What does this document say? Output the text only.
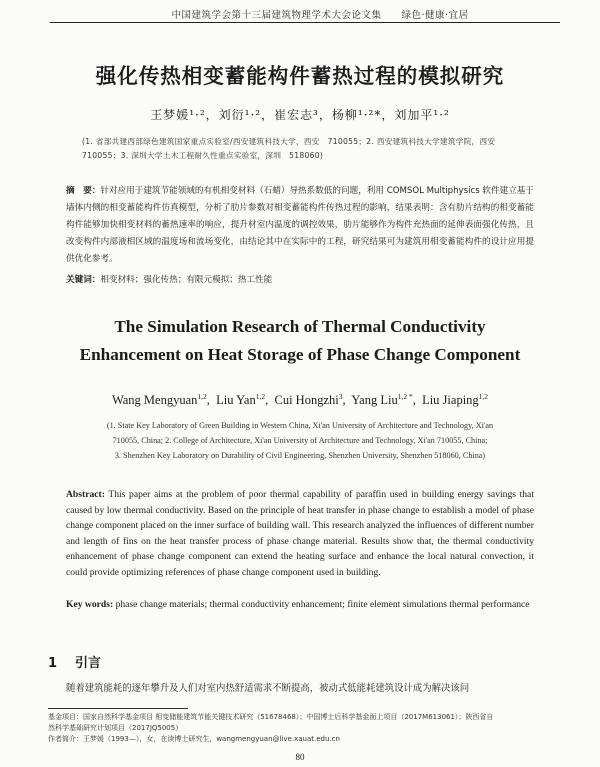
中国建筑学会第十三届建筑物理学术大会论文集　　绿色·健康·宜居
强化传热相变蓄能构件蓄热过程的模拟研究
王梦媛¹·²，刘衍¹·²，崔宏志³，杨柳¹·²*，刘加平¹·²
(1. 省部共建西部绿色建筑国家重点实验室/西安建筑科技大学，西安　710055；2. 西安建筑科技大学建筑学院，西安
710055；3. 深圳大学土木工程耐久性重点实验室，深圳　518060)
摘　要：针对应用于建筑节能领域的有机相变材料（石蜡）导热系数低的问题，利用 COMSOL Multiphysics 软件建立基于墙体内侧的相变蓄能构件仿真模型，分析了肋片参数对相变蓄能构件传热过程的影响，结果表明：含有肋片结构的相变蓄能构件能够加快相变材料的蓄热速率的响应，提升材室内温度的调控效果，肋片能够作为构件充热面的延伸表面强化传热，且改变构件内部液相区域的温度场和流场变化，由结论其中在实际中的工程，研究结果可为建筑用相变蓄能构件的设计应用提供优化参考。
关键词：相变材料；强化传热；有限元模拟；热工性能
The Simulation Research of Thermal Conductivity
Enhancement on Heat Storage of Phase Change Component
Wang Mengyuan$^{1,2}$,  Liu Yan$^{1,2}$,  Cui Hongzhi$^3$,  Yang Liu$^{1,2 *}$,  Liu Jiaping$^{1,2}$
(1. State Key Laboratory of Green Building in Western China, Xi'an University of Architecture and Technology, Xi'an
710055, China; 2. College of Architecture, Xi'an University of Architecture and Technology, Xi'an 710055, China;
3. Shenzhen Key Laboratory on Durability of Civil Engineering, Shenzhen University, Shenzhen 518060, China)
Abstract: This paper aims at the problem of poor thermal capability of paraffin used in building energy savings that caused by low thermal conductivity. Based on the principle of heat transfer in phase change to establish a model of phase change component placed on the inner surface of building wall. This research analyzed the influences of different number and length of fins on the heat transfer process of phase change material. Results show that, the thermal conductivity enhancement of phase change component can extend the heating surface and enhance the local natural convection, it could provide optimizing references of phase change component used in building.
Key words: phase change materials; thermal conductivity enhancement; finite element simulations thermal performance
1 引言
随着建筑能耗的逐年攀升及人们对室内热舒适需求不断提高，被动式低能耗建筑设计成为解决该问
基金项目：国家自然科学基金项目 相变储能建筑节能关键技术研究（51678468）；中国博士后科学基金面上项目（2017M613061）；陕西省自
然科学基础研究计划项目（2017JQ5005）
作者简介：王梦媛（1993—），女，在读博士研究生，wangmengyuan@live.xauat.edu.cn
80
